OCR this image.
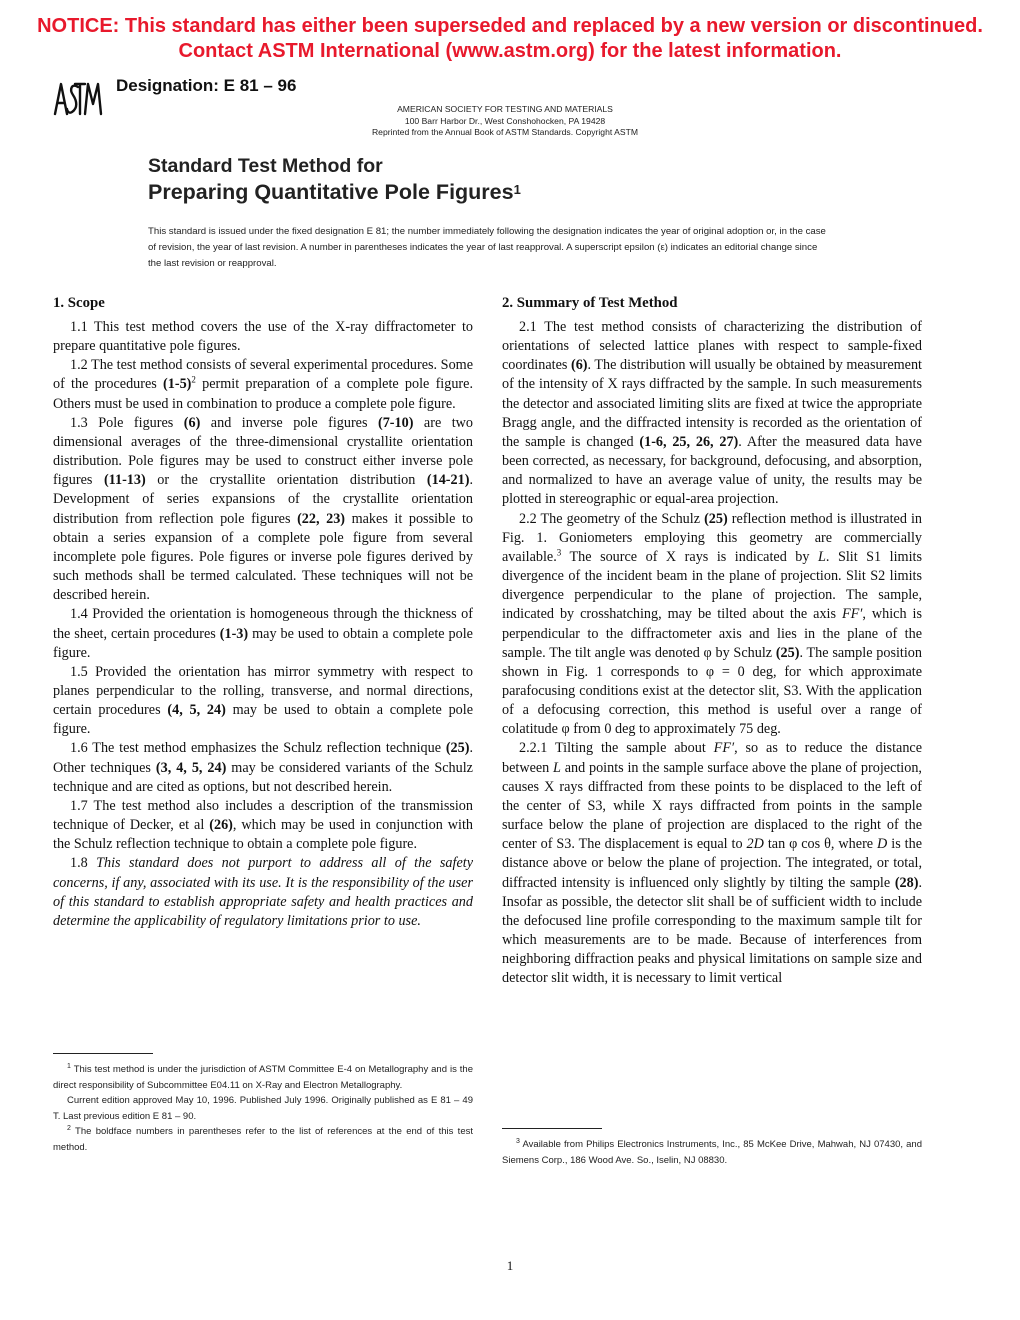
NOTICE: This standard has either been superseded and replaced by a new version or discontinued.
Contact ASTM International (www.astm.org) for the latest information.
Designation: E 81 – 96
AMERICAN SOCIETY FOR TESTING AND MATERIALS
100 Barr Harbor Dr., West Conshohocken, PA 19428
Reprinted from the Annual Book of ASTM Standards. Copyright ASTM
Standard Test Method for
Preparing Quantitative Pole Figures$^1$
This standard is issued under the fixed designation E 81; the number immediately following the designation indicates the year of original adoption or, in the case of revision, the year of last revision. A number in parentheses indicates the year of last reapproval. A superscript epsilon (ε) indicates an editorial change since the last revision or reapproval.
1. Scope

1.1 This test method covers the use of the X-ray diffractometer to prepare quantitative pole figures.

1.2 The test method consists of several experimental procedures. Some of the procedures $(1-5)^2$ permit preparation of a complete pole figure. Others must be used in combination to produce a complete pole figure.

1.3 Pole figures (6) and inverse pole figures (7-10) are two dimensional averages of the three-dimensional crystallite orientation distribution. Pole figures may be used to construct either inverse pole figures (11-13) or the crystallite orientation distribution (14-21). Development of series expansions of the crystallite orientation distribution from reflection pole figures (22, 23) makes it possible to obtain a series expansion of a complete pole figure from several incomplete pole figures. Pole figures or inverse pole figures derived by such methods shall be termed calculated. These techniques will not be described herein.

1.4 Provided the orientation is homogeneous through the thickness of the sheet, certain procedures (1-3) may be used to obtain a complete pole figure.

1.5 Provided the orientation has mirror symmetry with respect to planes perpendicular to the rolling, transverse, and normal directions, certain procedures (4, 5, 24) may be used to obtain a complete pole figure.

1.6 The test method emphasizes the Schulz reflection technique (25). Other techniques (3, 4, 5, 24) may be considered variants of the Schulz technique and are cited as options, but not described herein.

1.7 The test method also includes a description of the transmission technique of Decker, et al (26), which may be used in conjunction with the Schulz reflection technique to obtain a complete pole figure.

1.8 This standard does not purport to address all of the safety concerns, if any, associated with its use. It is the responsibility of the user of this standard to establish appropriate safety and health practices and determine the applicability of regulatory limitations prior to use.

2. Summary of Test Method

2.1 The test method consists of characterizing the distribution of orientations of selected lattice planes with respect to sample-fixed coordinates (6). The distribution will usually be obtained by measurement of the intensity of X rays diffracted by the sample. In such measurements the detector and associated limiting slits are fixed at twice the appropriate Bragg angle, and the diffracted intensity is recorded as the orientation of the sample is changed (1-6, 25, 26, 27). After the measured data have been corrected, as necessary, for background, defocusing, and absorption, and normalized to have an average value of unity, the results may be plotted in stereographic or equal-area projection.

2.2 The geometry of the Schulz (25) reflection method is illustrated in Fig. 1. Goniometers employing this geometry are commercially available.$^3$ The source of X rays is indicated by L. Slit S1 limits divergence of the incident beam in the plane of projection. Slit S2 limits divergence perpendicular to the plane of projection. The sample, indicated by crosshatching, may be tilted about the axis FF′, which is perpendicular to the diffractometer axis and lies in the plane of the sample. The tilt angle was denoted φ by Schulz (25). The sample position shown in Fig. 1 corresponds to φ = 0 deg, for which approximate parafocusing conditions exist at the detector slit, S3. With the application of a defocusing correction, this method is useful over a range of colatitude φ from 0 deg to approximately 75 deg.

2.2.1 Tilting the sample about FF′, so as to reduce the distance between L and points in the sample surface above the plane of projection, causes X rays diffracted from these points to be displaced to the left of the center of S3, while X rays diffracted from points in the sample surface below the plane of projection are displaced to the right of the center of S3. The displacement is equal to 2D tan φ cos θ, where D is the distance above or below the plane of projection. The integrated, or total, diffracted intensity is influenced only slightly by tilting the sample (28). Insofar as possible, the detector slit shall be of sufficient width to include the defocused line profile corresponding to the maximum sample tilt for which measurements are to be made. Because of interferences from neighboring diffraction peaks and physical limitations on sample size and detector slit width, it is necessary to limit vertical

$^1$ This test method is under the jurisdiction of ASTM Committee E-4 on Metallography and is the direct responsibility of Subcommittee E04.11 on X-Ray and Electron Metallography.

Current edition approved May 10, 1996. Published July 1996. Originally published as E 81 – 49 T. Last previous edition E 81 – 90.

$^2$ The boldface numbers in parentheses refer to the list of references at the end of this test method.

$^3$ Available from Philips Electronics Instruments, Inc., 85 McKee Drive, Mahwah, NJ 07430, and Siemens Corp., 186 Wood Ave. So., Iselin, NJ 08830.

1
